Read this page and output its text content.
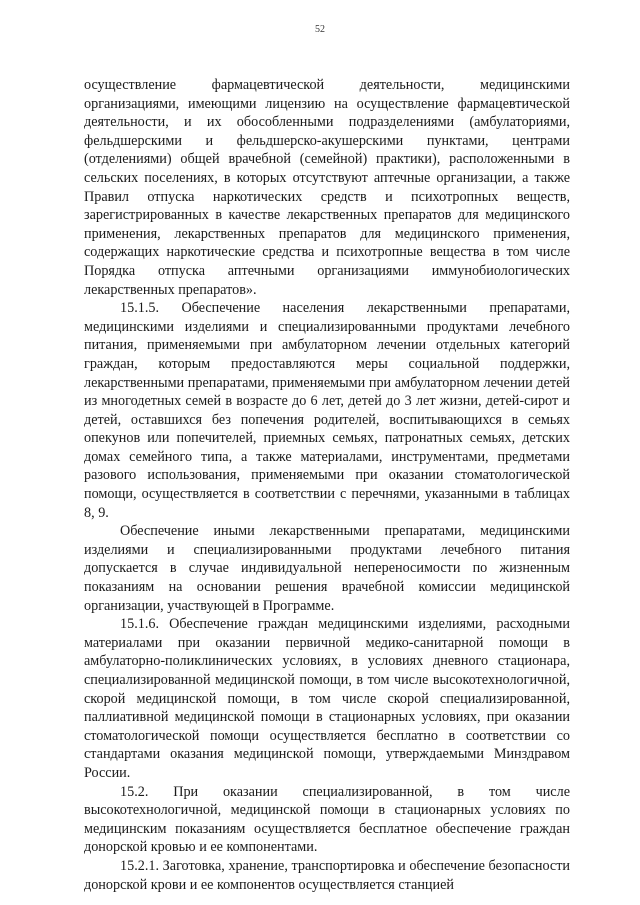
52

осуществление фармацевтической деятельности, медицинскими организациями, имеющими лицензию на осуществление фармацевтической деятельности, и их обособленными подразделениями (амбулаториями, фельдшерскими и фельдшерско-акушерскими пунктами, центрами (отделениями) общей врачебной (семейной) практики), расположенными в сельских поселениях, в которых отсутствуют аптечные организации, а также Правил отпуска наркотических средств и психотропных веществ, зарегистрированных в качестве лекарственных препаратов для медицинского применения, лекарственных препаратов для медицинского применения, содержащих наркотические средства и психотропные вещества в том числе Порядка отпуска аптечными организациями иммунобиологических лекарственных препаратов».

15.1.5. Обеспечение населения лекарственными препаратами, медицинскими изделиями и специализированными продуктами лечебного питания, применяемыми при амбулаторном лечении отдельных категорий граждан, которым предоставляются меры социальной поддержки, лекарственными препаратами, применяемыми при амбулаторном лечении детей из многодетных семей в возрасте до 6 лет, детей до 3 лет жизни, детей-сирот и детей, оставшихся без попечения родителей, воспитывающихся в семьях опекунов или попечителей, приемных семьях, патронатных семьях, детских домах семейного типа, а также материалами, инструментами, предметами разового использования, применяемыми при оказании стоматологической помощи, осуществляется в соответствии с перечнями, указанными в таблицах 8, 9.

Обеспечение иными лекарственными препаратами, медицинскими изделиями и специализированными продуктами лечебного питания допускается в случае индивидуальной непереносимости по жизненным показаниям на основании решения врачебной комиссии медицинской организации, участвующей в Программе.

15.1.6. Обеспечение граждан медицинскими изделиями, расходными материалами при оказании первичной медико-санитарной помощи в амбулаторно-поликлинических условиях, в условиях дневного стационара, специализированной медицинской помощи, в том числе высокотехнологичной, скорой медицинской помощи, в том числе скорой специализированной, паллиативной медицинской помощи в стационарных условиях, при оказании стоматологической помощи осуществляется бесплатно в соответствии со стандартами оказания медицинской помощи, утверждаемыми Минздравом России.

15.2. При оказании специализированной, в том числе высокотехнологичной, медицинской помощи в стационарных условиях по медицинским показаниям осуществляется бесплатное обеспечение граждан донорской кровью и ее компонентами.

15.2.1. Заготовка, хранение, транспортировка и обеспечение безопасности донорской крови и ее компонентов осуществляется станцией
